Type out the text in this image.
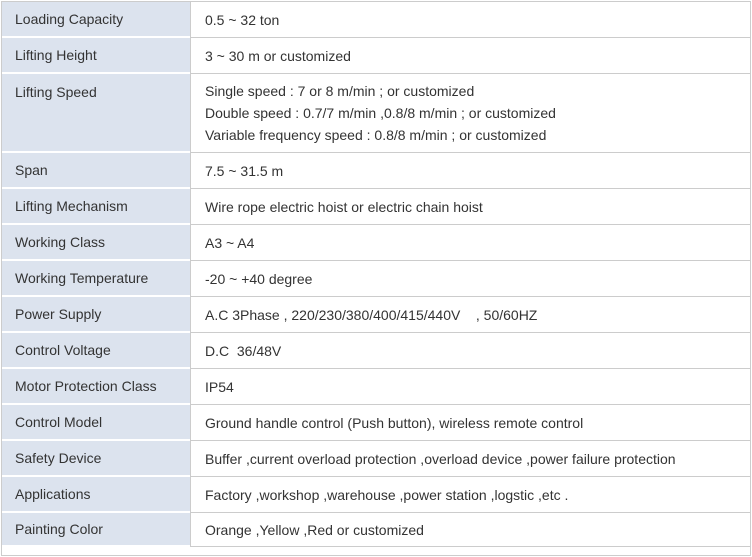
Loading Capacity	0.5 ~ 32 ton
Lifting Height	3 ~ 30 m or customized
Lifting Speed	Single speed : 7 or 8 m/min ; or customized
Double speed : 0.7/7 m/min ,0.8/8 m/min ; or customized
Variable frequency speed : 0.8/8 m/min ; or customized
Span	7.5 ~ 31.5 m
Lifting Mechanism	Wire rope electric hoist or electric chain hoist
Working Class	A3 ~ A4
Working Temperature	-20 ~ +40 degree
Power Supply	A.C 3Phase , 220/230/380/400/415/440V    , 50/60HZ
Control Voltage	D.C  36/48V
Motor Protection Class	IP54
Control Model	Ground handle control (Push button), wireless remote control
Safety Device	Buffer ,current overload protection ,overload device ,power failure protection
Applications	Factory ,workshop ,warehouse ,power station ,logstic ,etc .
Painting Color	Orange ,Yellow ,Red or customized
